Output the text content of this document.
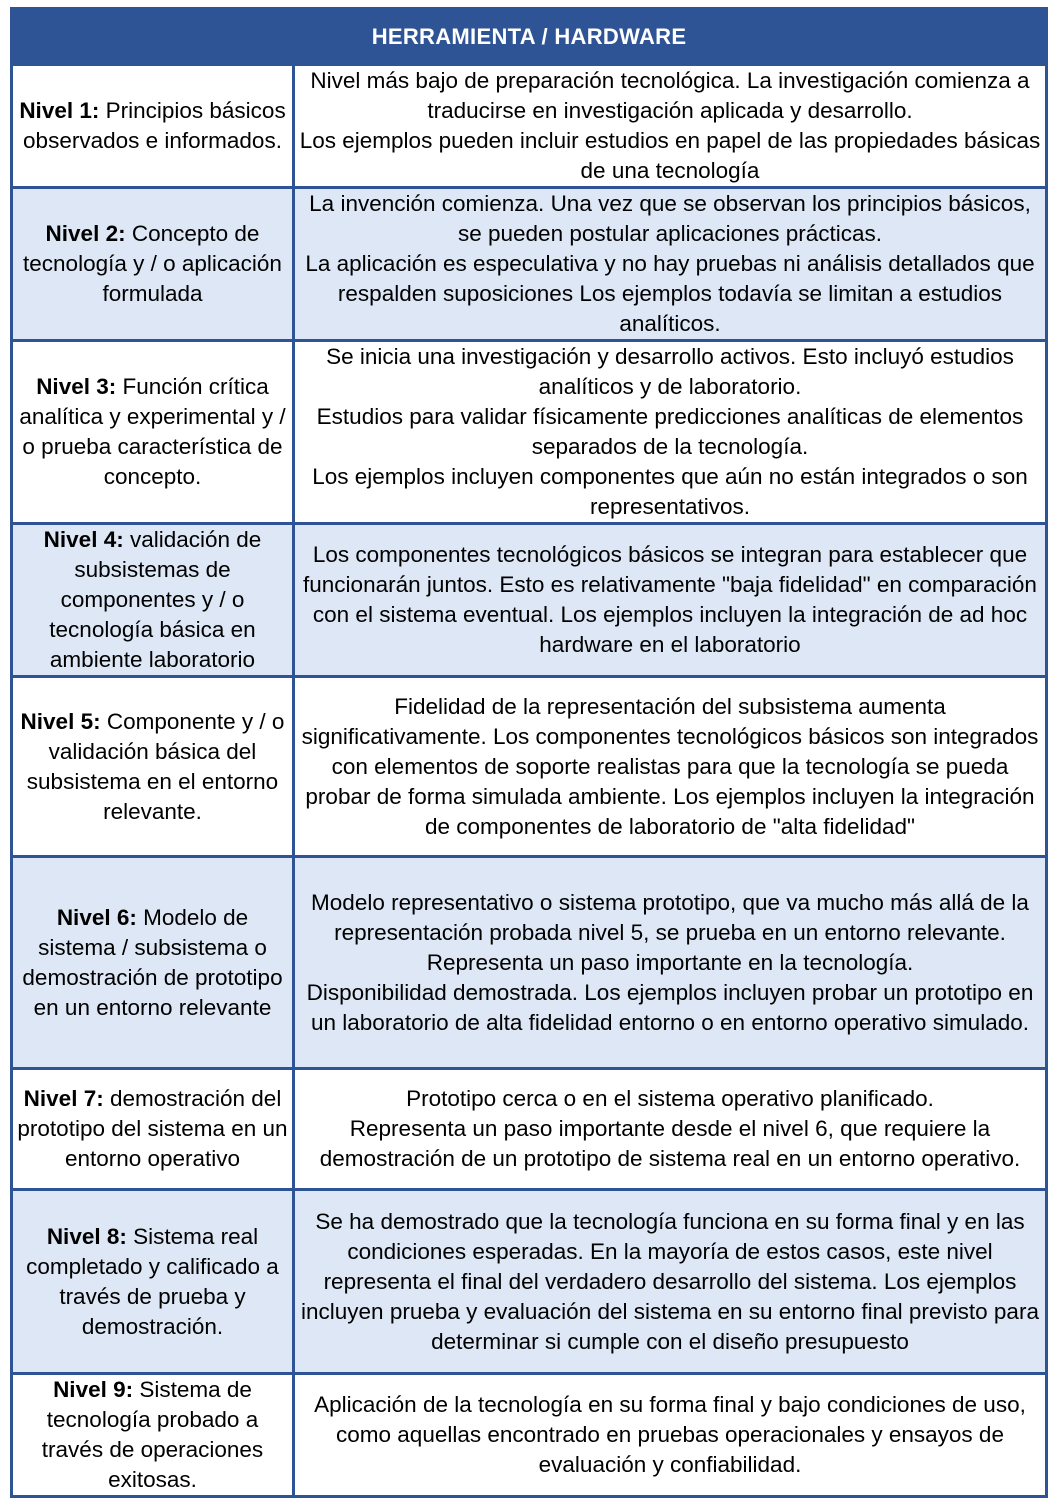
HERRAMIENTA / HARDWARE	
Nivel 1: Principios básicos observados e informados.	Nivel más bajo de preparación tecnológica. La investigación comienza a traducirse en investigación aplicada y desarrollo.
Los ejemplos pueden incluir estudios en papel de las propiedades básicas de una tecnología

Nivel 2: Concepto de tecnología y / o aplicación formulada	La invención comienza. Una vez que se observan los principios básicos, se pueden postular aplicaciones prácticas.
La aplicación es especulativa y no hay pruebas ni análisis detallados que respalden suposiciones Los ejemplos todavía se limitan a estudios analíticos.

Nivel 3: Función crítica analítica y experimental y / o prueba característica de concepto.	Se inicia una investigación y desarrollo activos. Esto incluyó estudios analíticos y de laboratorio.
Estudios para validar físicamente predicciones analíticas de elementos separados de la tecnología.
Los ejemplos incluyen componentes que aún no están integrados o son representativos.

Nivel 4: validación de subsistemas de componentes y / o tecnología básica en ambiente laboratorio	Los componentes tecnológicos básicos se integran para establecer que funcionarán juntos. Esto es relativamente "baja fidelidad" en comparación con el sistema eventual. Los ejemplos incluyen la integración de ad hoc hardware en el laboratorio

Nivel 5: Componente y / o validación básica del subsistema en el entorno relevante.	Fidelidad de la representación del subsistema aumenta significativamente. Los componentes tecnológicos básicos son integrados con elementos de soporte realistas para que la tecnología se pueda probar de forma simulada ambiente. Los ejemplos incluyen la integración de componentes de laboratorio de "alta fidelidad"

Nivel 6: Modelo de sistema / subsistema o demostración de prototipo en un entorno relevante	Modelo representativo o sistema prototipo, que va mucho más allá de la representación probada nivel 5, se prueba en un entorno relevante. Representa un paso importante en la tecnología.
Disponibilidad demostrada. Los ejemplos incluyen probar un prototipo en un laboratorio de alta fidelidad entorno o en entorno operativo simulado.

Nivel 7: demostración del prototipo del sistema en un entorno operativo	Prototipo cerca o en el sistema operativo planificado.
Representa un paso importante desde el nivel 6, que requiere la demostración de un prototipo de sistema real en un entorno operativo.

Nivel 8: Sistema real completado y calificado a través de prueba y demostración.	Se ha demostrado que la tecnología funciona en su forma final y en las condiciones esperadas. En la mayoría de estos casos, este nivel representa el final del verdadero desarrollo del sistema. Los ejemplos incluyen prueba y evaluación del sistema en su entorno final previsto para determinar si cumple con el diseño presupuesto

Nivel 9: Sistema de tecnología probado a través de operaciones exitosas.	Aplicación de la tecnología en su forma final y bajo condiciones de uso, como aquellas encontrado en pruebas operacionales y ensayos de evaluación y confiabilidad.
